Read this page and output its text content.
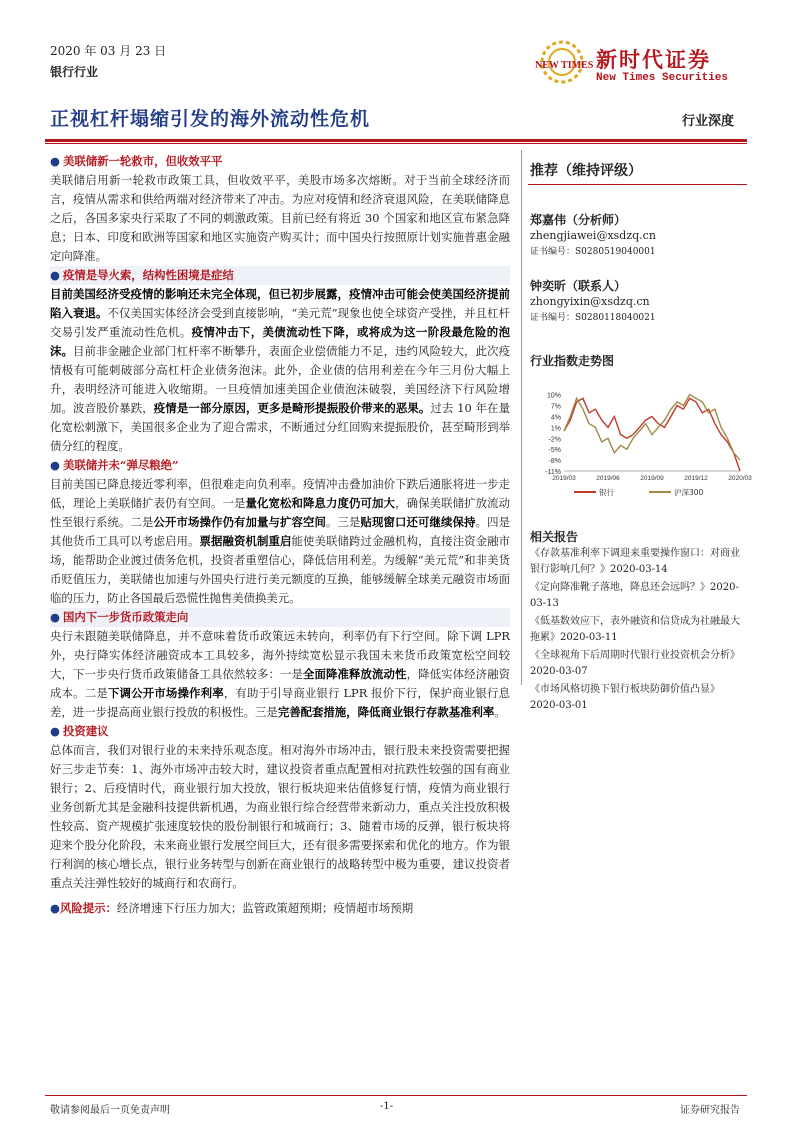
2020 年 03 月 23 日
银行行业	NEW TIMES 新时代证券
New Times Securities
正视杠杆塌缩引发的海外流动性危机	行业深度

● 美联储新一轮救市，但收效平平

美联储启用新一轮救市政策工具，但收效平平，美股市场多次熔断。对于当前全球经济而言，疫情从需求和供给两端对经济带来了冲击。为应对疫情和经济衰退风险，在美联储降息之后，各国多家央行采取了不同的刺激政策。目前已经有将近 30 个国家和地区宣布紧急降息；日本、印度和欧洲等国家和地区实施资产购买计；而中国央行按照原计划实施普惠金融定向降准。

● 疫情是导火索，结构性困境是症结

目前美国经济受疫情的影响还未完全体现，但已初步展露，疫情冲击可能会使美国经济提前陷入衰退。不仅美国实体经济会受到直接影响，“美元荒”现象也使全球资产受挫，并且杠杆交易引发严重流动性危机。疫情冲击下，美债流动性下降，或将成为这一阶段最危险的泡沫。目前非金融企业部门杠杆率不断攀升，表面企业偿债能力不足，违约风险较大，此次疫情极有可能刺破部分高杠杆企业债务泡沫。此外，企业债的信用利差在今年三月份大幅上升，表明经济可能进入收缩期。一旦疫情加速美国企业债泡沫破裂，美国经济下行风险增加。波音股价暴跌，疫情是一部分原因，更多是畸形提振股价带来的恶果。过去 10 年在量化宽松刺激下，美国很多企业为了迎合需求，不断通过分红回购来提振股价，甚至畸形到举债分红的程度。

● 美联储并未“弹尽粮绝”

目前美国已降息接近零利率，但很难走向负利率。疫情冲击叠加油价下跌后通胀将进一步走低，理论上美联储扩表仍有空间。一是量化宽松和降息力度仍可加大，确保美联储扩放流动性至银行系统。二是公开市场操作仍有加量与扩容空间。三是贴现窗口还可继续保持。四是其他货币工具可以考虑启用。票据融资机制重启能使美联储跨过金融机构，直接注资金融市场，能帮助企业渡过债务危机，投资者重塑信心，降低信用利差。为缓解“美元荒”和非美货币贬值压力，美联储也加速与外国央行进行美元额度的互换，能够缓解全球美元融资市场面临的压力，防止各国最后恐慌性抛售美债换美元。

● 国内下一步货币政策走向

央行未跟随美联储降息，并不意味着货币政策远未转向，利率仍有下行空间。除下调 LPR 外，央行降实体经济融资成本工具较多，海外持续宽松显示我国未来货币政策宽松空间较大，下一步央行货币政策储备工具依然较多：一是全面降准释放流动性，降低实体经济融资成本。二是下调公开市场操作利率，有助于引导商业银行 LPR 报价下行，保护商业银行息差，进一步提高商业银行投放的积极性。三是完善配套措施，降低商业银行存款基准利率。

● 投资建议

总体而言，我们对银行业的未来持乐观态度。相对海外市场冲击，银行股未来投资需要把握好三步走节奏：1、海外市场冲击较大时，建议投资者重点配置相对抗跌性较强的国有商业银行；2、后疫情时代，商业银行加大投放，银行板块迎来估值修复行情，疫情为商业银行业务创新尤其是金融科技提供新机遇，为商业银行综合经营带来新动力，重点关注投放积极性较高、资产规模扩张速度较快的股份制银行和城商行；3、随着市场的反弹，银行板块将迎来个股分化阶段，未来商业银行发展空间巨大，还有很多需要探索和优化的地方。作为银行利润的核心增长点，银行业务转型与创新在商业银行的战略转型中极为重要，建议投资者重点关注弹性较好的城商行和农商行。

●风险提示：经济增速下行压力加大；监管政策超预期；疫情超市场预期

推荐（维持评级）
郑嘉伟（分析师）
zhengjiawei@xsdzq.cn
证书编号：S0280519040001
钟奕昕（联系人）
zhongyixin@xsdzq.cn
证书编号：S0280118040021
行业指数走势图
10%
7%
4%
1%
-2%
-5%
-8%
-11%
2019/03	2019/06	2019/09	2019/12	2020/03
银行	沪深300
相关报告

《存款基准利率下调迎来重要操作窗口：对商业银行影响几何？》2020-03-14

《定向降准靴子落地，降息还会远吗？》2020-03-13

《低基数效应下，表外融资和信贷成为社融最大拖累》2020-03-11

《全球视角下后周期时代银行业投资机会分析》2020-03-07

《市场风格切换下银行板块防御价值凸显》2020-03-01

敬请参阅最后一页免责声明	-1-	证券研究报告
